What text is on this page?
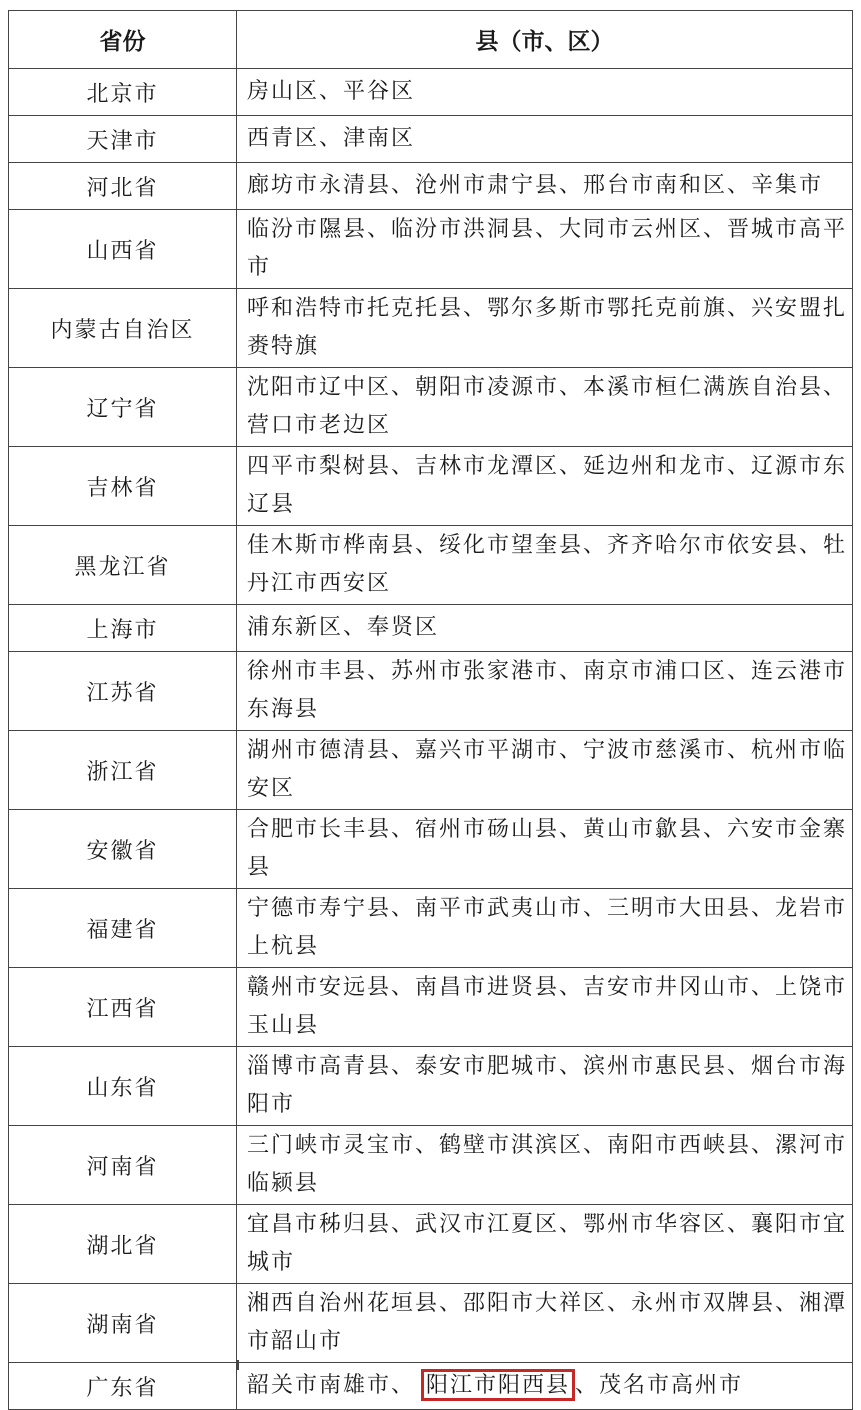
省份	县（市、区）
北京市	房山区、平谷区
天津市	西青区、津南区
河北省	廊坊市永清县、沧州市肃宁县、邢台市南和区、辛集市
山西省	临汾市隰县、临汾市洪洞县、大同市云州区、晋城市高平市
内蒙古自治区	呼和浩特市托克托县、鄂尔多斯市鄂托克前旗、兴安盟扎赉特旗
辽宁省	沈阳市辽中区、朝阳市凌源市、本溪市桓仁满族自治县、营口市老边区
吉林省	四平市梨树县、吉林市龙潭区、延边州和龙市、辽源市东辽县
黑龙江省	佳木斯市桦南县、绥化市望奎县、齐齐哈尔市依安县、牡丹江市西安区
上海市	浦东新区、奉贤区
江苏省	徐州市丰县、苏州市张家港市、南京市浦口区、连云港市东海县
浙江省	湖州市德清县、嘉兴市平湖市、宁波市慈溪市、杭州市临安区
安徽省	合肥市长丰县、宿州市砀山县、黄山市歙县、六安市金寨县
福建省	宁德市寿宁县、南平市武夷山市、三明市大田县、龙岩市上杭县
江西省	赣州市安远县、南昌市进贤县、吉安市井冈山市、上饶市玉山县
山东省	淄博市高青县、泰安市肥城市、滨州市惠民县、烟台市海阳市
河南省	三门峡市灵宝市、鹤壁市淇滨区、南阳市西峡县、漯河市临颍县
湖北省	宜昌市秭归县、武汉市江夏区、鄂州市华容区、襄阳市宜城市
湖南省	湘西自治州花垣县、邵阳市大祥区、永州市双牌县、湘潭市韶山市
广东省	韶关市南雄市、 阳江市阳西县 、茂名市高州市
